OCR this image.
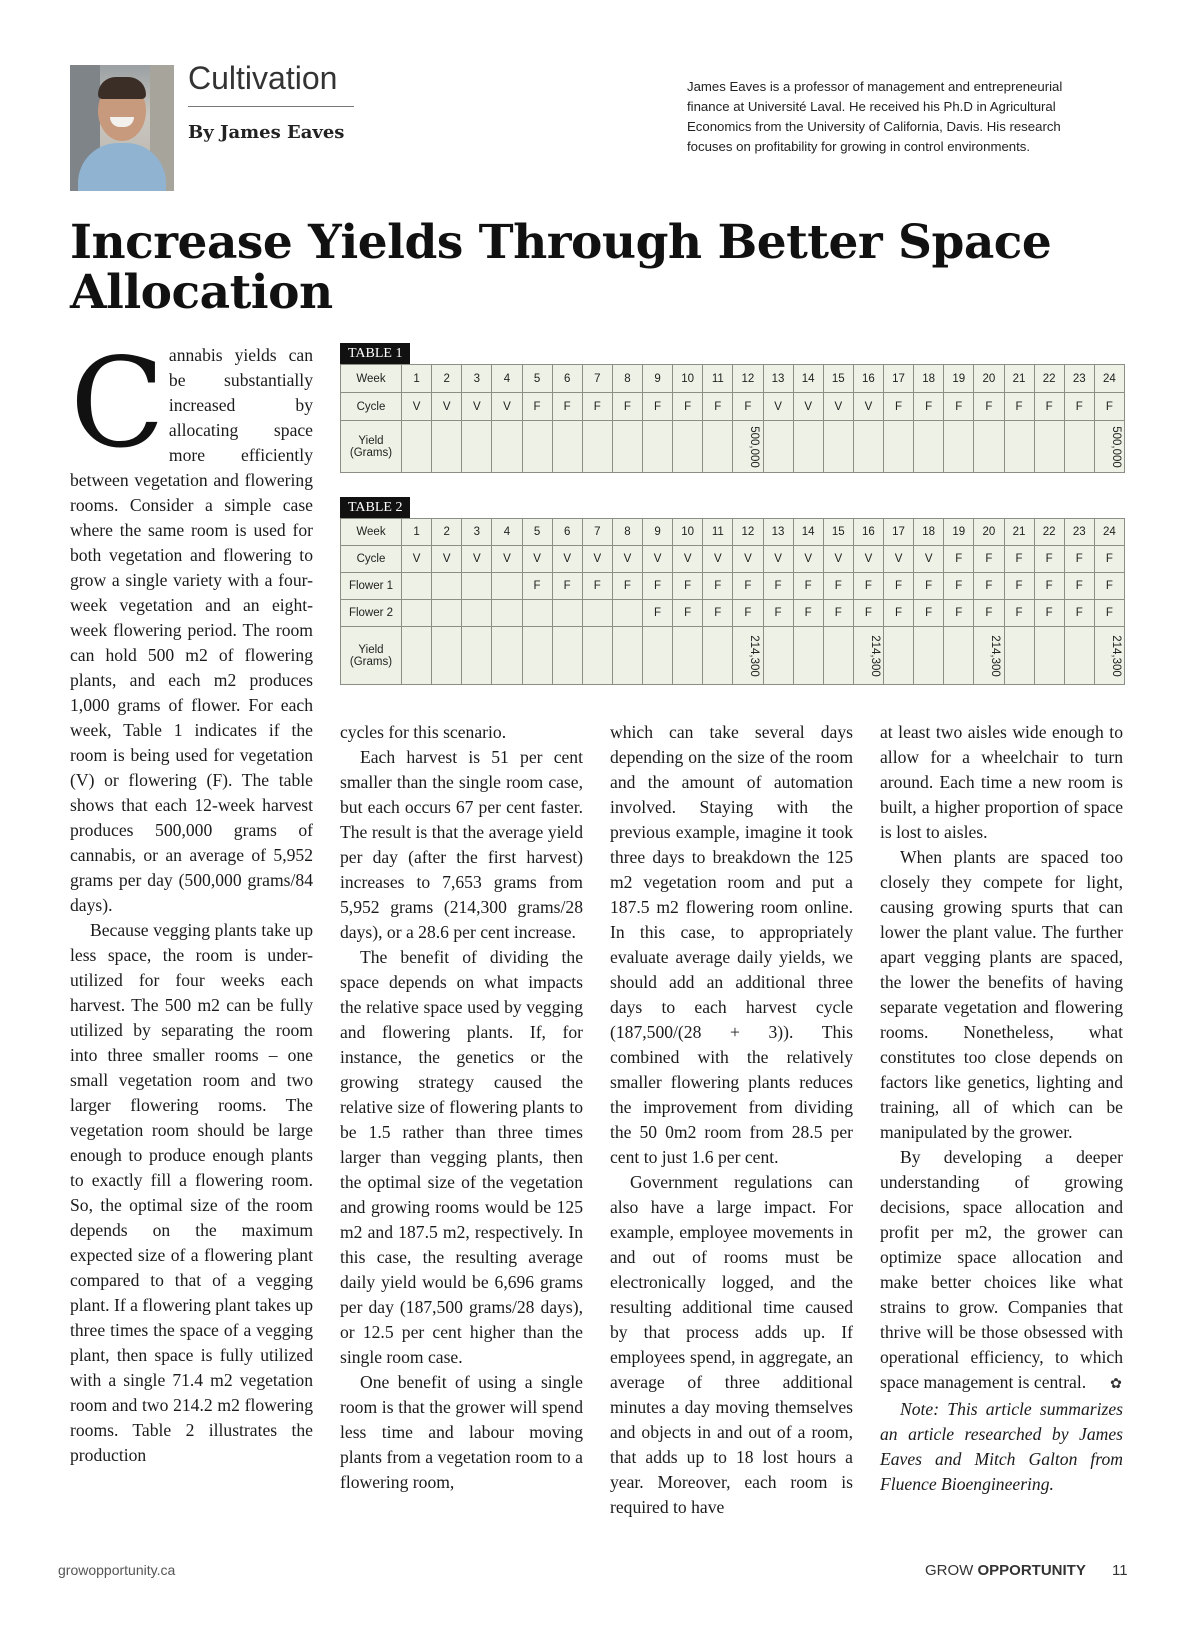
Cultivation
By James Eaves
James Eaves is a professor of management and entrepreneurial finance at Université Laval. He received his Ph.D in Agricultural Economics from the University of California, Davis. His research focuses on profitability for growing in control environments.
Increase Yields Through Better Space Allocation
TABLE 1
Week	1	2	3	4	5	6	7	8	9	10	11	12	13	14	15	16	17	18	19	20	21	22	23	24
Cycle	V	V	V	V	F	F	F	F	F	F	F	F	V	V	V	V	F	F	F	F	F	F	F	F
Yield (Grams)												500,000												500,000
TABLE 2
Week	1	2	3	4	5	6	7	8	9	10	11	12	13	14	15	16	17	18	19	20	21	22	23	24
Cycle	V	V	V	V	V	V	V	V	V	V	V	V	V	V	V	V	V	V	F	F	F	F	F	F
Flower 1					F	F	F	F	F	F	F	F	F	F	F	F	F	F	F	F	F	F	F	F
Flower 2									F	F	F	F	F	F	F	F	F	F	F	F	F	F	F	F
Yield (Grams)												214,300				214,300				214,300				214,300

Cannabis yields can be substantially increased by allocating space more efficiently between vegetation and flowering rooms. Consider a simple case where the same room is used for both vegetation and flowering to grow a single variety with a four-week vegetation and an eight-week flowering period. The room can hold 500 m2 of flowering plants, and each m2 produces 1,000 grams of flower. For each week, Table 1 indicates if the room is being used for vegetation (V) or flowering (F). The table shows that each 12-week harvest produces 500,000 grams of cannabis, or an average of 5,952 grams per day (500,000 grams/84 days).

Because vegging plants take up less space, the room is under-utilized for four weeks each harvest. The 500 m2 can be fully utilized by separating the room into three smaller rooms – one small vegetation room and two larger flowering rooms. The vegetation room should be large enough to produce enough plants to exactly fill a flowering room. So, the optimal size of the room depends on the maximum expected size of a flowering plant compared to that of a vegging plant. If a flowering plant takes up three times the space of a vegging plant, then space is fully utilized with a single 71.4 m2 vegetation room and two 214.2 m2 flowering rooms. Table 2 illustrates the production

cycles for this scenario.

Each harvest is 51 per cent smaller than the single room case, but each occurs 67 per cent faster. The result is that the average yield per day (after the first harvest) increases to 7,653 grams from 5,952 grams (214,300 grams/28 days), or a 28.6 per cent increase.

The benefit of dividing the space depends on what impacts the relative space used by vegging and flowering plants. If, for instance, the genetics or the growing strategy caused the relative size of flowering plants to be 1.5 rather than three times larger than vegging plants, then the optimal size of the vegetation and growing rooms would be 125 m2 and 187.5 m2, respectively. In this case, the resulting average daily yield would be 6,696 grams per day (187,500 grams/28 days), or 12.5 per cent higher than the single room case.

One benefit of using a single room is that the grower will spend less time and labour moving plants from a vegetation room to a flowering room,

which can take several days depending on the size of the room and the amount of automation involved. Staying with the previous example, imagine it took three days to breakdown the 125 m2 vegetation room and put a 187.5 m2 flowering room online. In this case, to appropriately evaluate average daily yields, we should add an additional three days to each harvest cycle (187,500/(28 + 3)). This combined with the relatively smaller flowering plants reduces the improvement from dividing the 50 0m2 room from 28.5 per cent to just 1.6 per cent.

Government regulations can also have a large impact. For example, employee movements in and out of rooms must be electronically logged, and the resulting additional time caused by that process adds up. If employees spend, in aggregate, an average of three additional minutes a day moving themselves and objects in and out of a room, that adds up to 18 lost hours a year. Moreover, each room is required to have

at least two aisles wide enough to allow for a wheelchair to turn around. Each time a new room is built, a higher proportion of space is lost to aisles.

When plants are spaced too closely they compete for light, causing growing spurts that can lower the plant value. The further apart vegging plants are spaced, the lower the benefits of having separate vegetation and flowering rooms. Nonetheless, what constitutes too close depends on factors like genetics, lighting and training, all of which can be manipulated by the grower.

By developing a deeper understanding of growing decisions, space allocation and profit per m2, the grower can optimize space allocation and make better choices like what strains to grow. Companies that thrive will be those obsessed with operational efficiency, to which space management is central. ✿

Note: This article summarizes an article researched by James Eaves and Mitch Galton from Fluence Bioengineering.

growopportunity.ca	GROW OPPORTUNITY 11
